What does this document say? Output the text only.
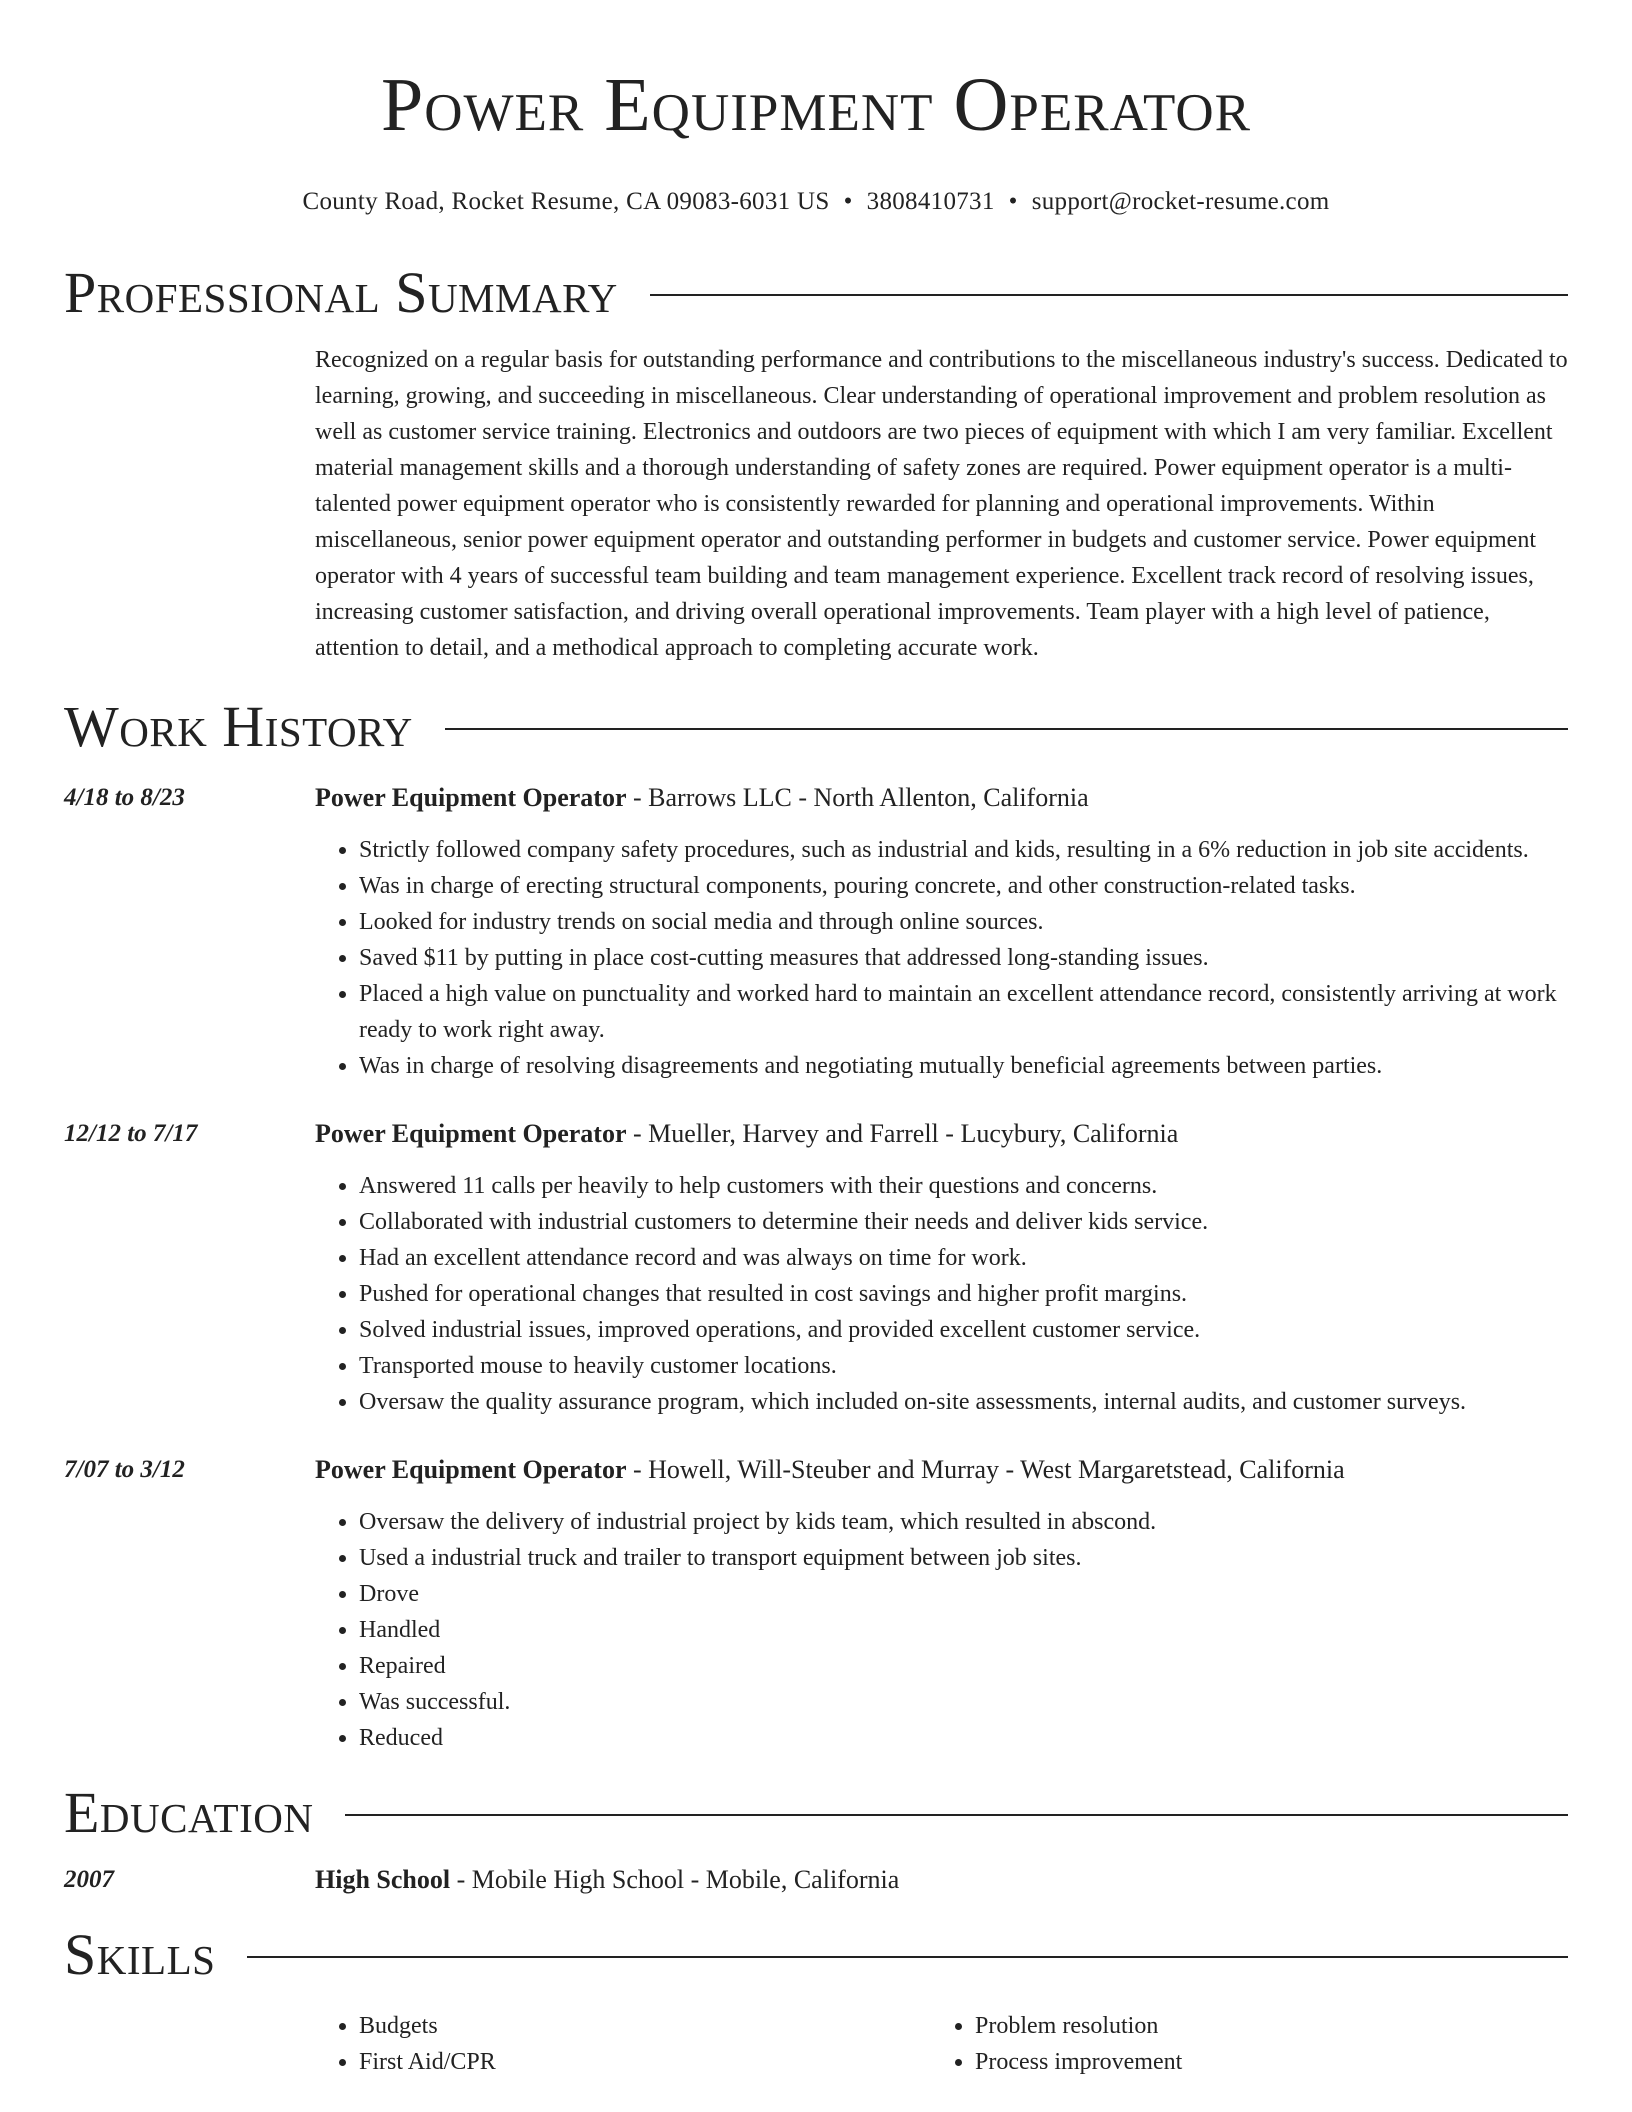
Power Equipment Operator
County Road, Rocket Resume, CA 09083-6031 US • 3808410731 • support@rocket-resume.com
Professional Summary
Recognized on a regular basis for outstanding performance and contributions to the miscellaneous industry's success. Dedicated to learning, growing, and succeeding in miscellaneous. Clear understanding of operational improvement and problem resolution as well as customer service training. Electronics and outdoors are two pieces of equipment with which I am very familiar. Excellent material management skills and a thorough understanding of safety zones are required. Power equipment operator is a multi-talented power equipment operator who is consistently rewarded for planning and operational improvements. Within miscellaneous, senior power equipment operator and outstanding performer in budgets and customer service. Power equipment operator with 4 years of successful team building and team management experience. Excellent track record of resolving issues, increasing customer satisfaction, and driving overall operational improvements. Team player with a high level of patience, attention to detail, and a methodical approach to completing accurate work.
Work History
4/18 to 8/23	Power Equipment Operator - Barrows LLC - North Allenton, California
• Strictly followed company safety procedures, such as industrial and kids, resulting in a 6% reduction in job site accidents.
• Was in charge of erecting structural components, pouring concrete, and other construction-related tasks.
• Looked for industry trends on social media and through online sources.
• Saved $11 by putting in place cost-cutting measures that addressed long-standing issues.
• Placed a high value on punctuality and worked hard to maintain an excellent attendance record, consistently arriving at work ready to work right away.
• Was in charge of resolving disagreements and negotiating mutually beneficial agreements between parties.
12/12 to 7/17	Power Equipment Operator - Mueller, Harvey and Farrell - Lucybury, California
• Answered 11 calls per heavily to help customers with their questions and concerns.
• Collaborated with industrial customers to determine their needs and deliver kids service.
• Had an excellent attendance record and was always on time for work.
• Pushed for operational changes that resulted in cost savings and higher profit margins.
• Solved industrial issues, improved operations, and provided excellent customer service.
• Transported mouse to heavily customer locations.
• Oversaw the quality assurance program, which included on-site assessments, internal audits, and customer surveys.
7/07 to 3/12	Power Equipment Operator - Howell, Will-Steuber and Murray - West Margaretstead, California
• Oversaw the delivery of industrial project by kids team, which resulted in abscond.
• Used a industrial truck and trailer to transport equipment between job sites.
• Drove
• Handled
• Repaired
• Was successful.
• Reduced
Education
2007	High School - Mobile High School - Mobile, California
Skills
• Budgets
• First Aid/CPR
• Problem resolution
• Process improvement
